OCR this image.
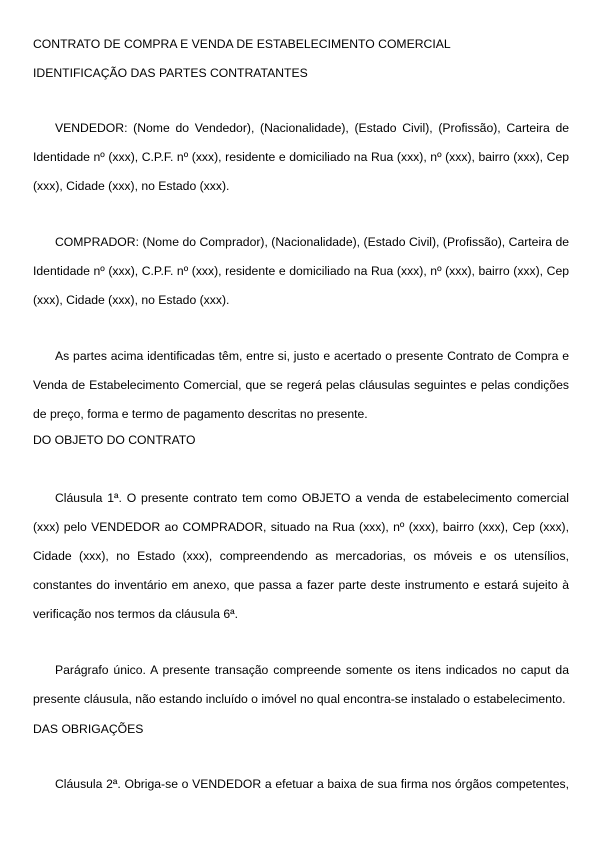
CONTRATO DE COMPRA E VENDA DE ESTABELECIMENTO COMERCIAL
IDENTIFICAÇÃO DAS PARTES CONTRATANTES

VENDEDOR: (Nome do Vendedor), (Nacionalidade), (Estado Civil), (Profissão), Carteira de Identidade nº (xxx), C.P.F. nº (xxx), residente e domiciliado na Rua (xxx), nº (xxx), bairro (xxx), Cep (xxx), Cidade (xxx), no Estado (xxx).

COMPRADOR: (Nome do Comprador), (Nacionalidade), (Estado Civil), (Profissão), Carteira de Identidade nº (xxx), C.P.F. nº (xxx), residente e domiciliado na Rua (xxx), nº (xxx), bairro (xxx), Cep (xxx), Cidade (xxx), no Estado (xxx).

As partes acima identificadas têm, entre si, justo e acertado o presente Contrato de Compra e Venda de Estabelecimento Comercial, que se regerá pelas cláusulas seguintes e pelas condições de preço, forma e termo de pagamento descritas no presente.

DO OBJETO DO CONTRATO

Cláusula 1ª. O presente contrato tem como OBJETO a venda de estabelecimento comercial (xxx) pelo VENDEDOR ao COMPRADOR, situado na Rua (xxx), nº (xxx), bairro (xxx), Cep (xxx), Cidade (xxx), no Estado (xxx), compreendendo as mercadorias, os móveis e os utensílios, constantes do inventário em anexo, que passa a fazer parte deste instrumento e estará sujeito à verificação nos termos da cláusula 6ª.

Parágrafo único. A presente transação compreende somente os itens indicados no caput da presente cláusula, não estando incluído o imóvel no qual encontra-se instalado o estabelecimento.

DAS OBRIGAÇÕES

Cláusula 2ª. Obriga-se o VENDEDOR a efetuar a baixa de sua firma nos órgãos competentes,
